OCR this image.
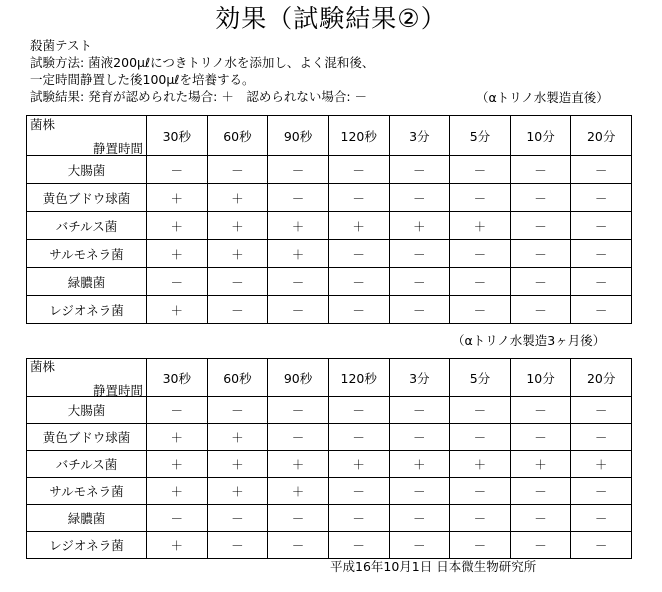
効果（試験結果②）
殺菌テスト
試験方法: 菌液200μℓにつきトリノ水を添加し、よく混和後、
一定時間静置した後100μℓを培養する。
試験結果: 発育が認められた場合: ＋　認められない場合: －	（αトリノ水製造直後）
静置時間
菌株	30秒	60秒	90秒	120秒	3分	5分	10分	20分
大腸菌	－	－	－	－	－	－	－	－
黄色ブドウ球菌	＋	＋	－	－	－	－	－	－
バチルス菌	＋	＋	＋	＋	＋	＋	－	－
サルモネラ菌	＋	＋	＋	－	－	－	－	－
緑膿菌	－	－	－	－	－	－	－	－
レジオネラ菌	＋	－	－	－	－	－	－	－
（αトリノ水製造3ヶ月後）
静置時間
菌株	30秒	60秒	90秒	120秒	3分	5分	10分	20分
大腸菌	－	－	－	－	－	－	－	－
黄色ブドウ球菌	＋	＋	－	－	－	－	－	－
バチルス菌	＋	＋	＋	＋	＋	＋	＋	＋
サルモネラ菌	＋	＋	＋	－	－	－	－	－
緑膿菌	－	－	－	－	－	－	－	－
レジオネラ菌	＋	－	－	－	－	－	－	－
平成16年10月1日 日本微生物研究所
